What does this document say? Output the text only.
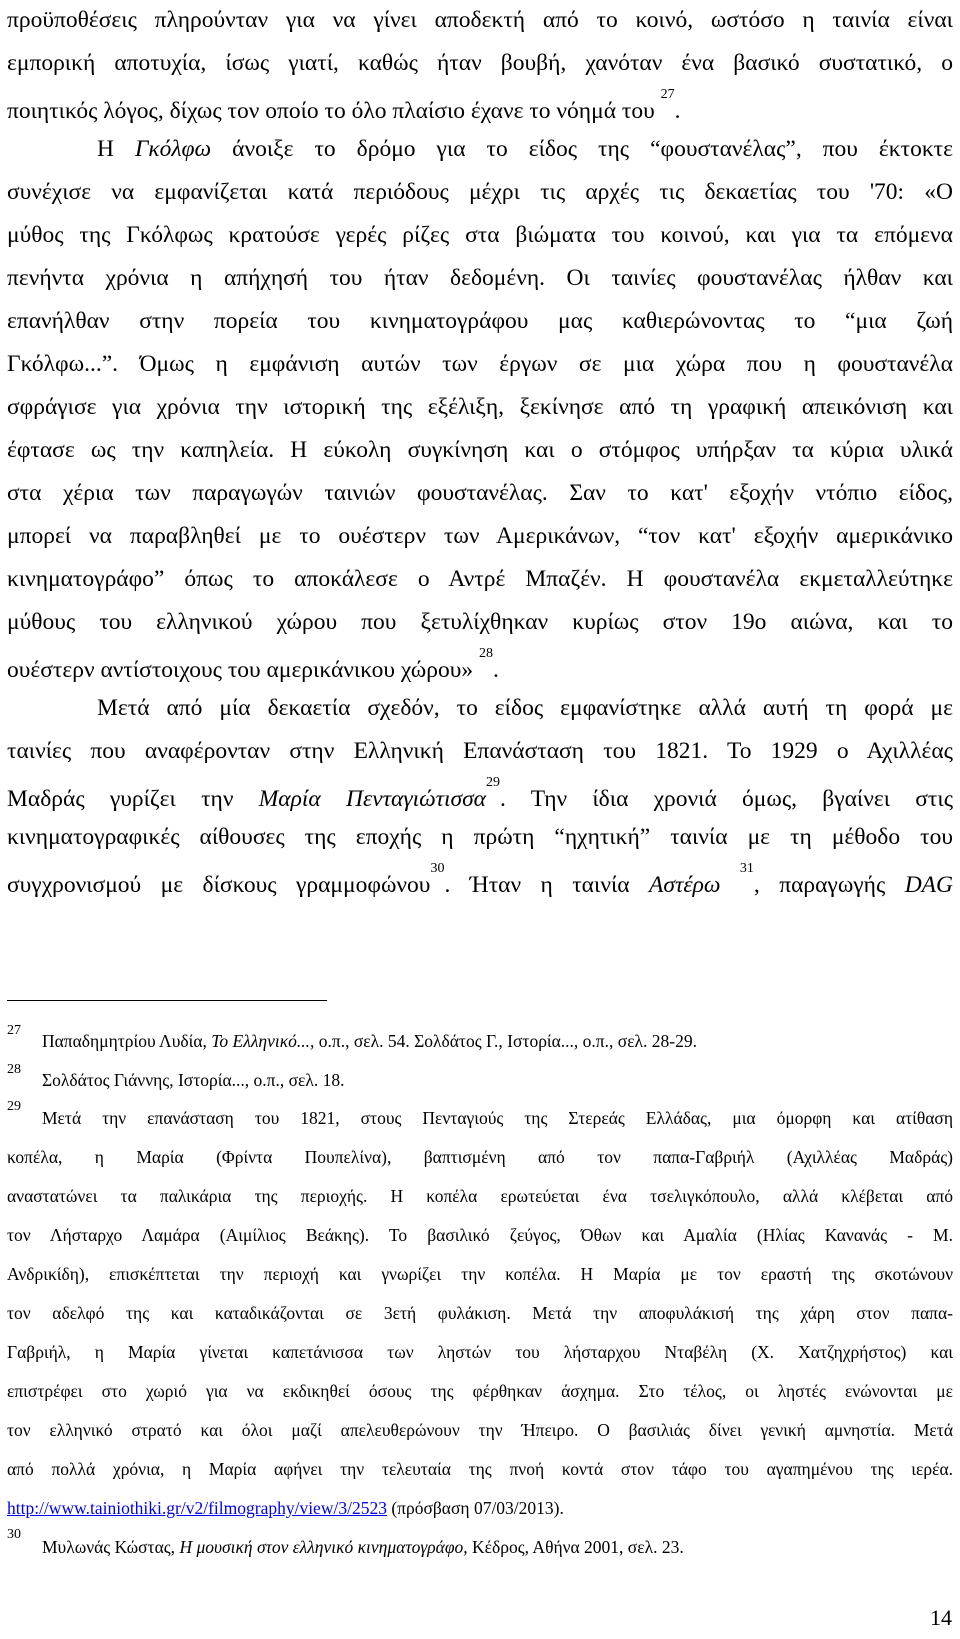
προϋποθέσεις πληρούνταν για να γίνει αποδεκτή από το κοινό, ωστόσο η ταινία είναι
εμπορική αποτυχία, ίσως γιατί, καθώς ήταν βουβή, χανόταν ένα βασικό συστατικό, ο
ποιητικός λόγος, δίχως τον οποίο το όλο πλαίσιο έχανε το νόημά του $^{27}$.
Η Γκόλφω άνοιξε το δρόμο για το είδος της “φουστανέλας”, που έκτοκτε
συνέχισε να εμφανίζεται κατά περιόδους μέχρι τις αρχές τις δεκαετίας του '70: «Ο
μύθος της Γκόλφως κρατούσε γερές ρίζες στα βιώματα του κοινού, και για τα επόμενα
πενήντα χρόνια η απήχησή του ήταν δεδομένη. Οι ταινίες φουστανέλας ήλθαν και
επανήλθαν στην πορεία του κινηματογράφου μας καθιερώνοντας το “μια ζωή
Γκόλφω...”. Όμως η εμφάνιση αυτών των έργων σε μια χώρα που η φουστανέλα
σφράγισε για χρόνια την ιστορική της εξέλιξη, ξεκίνησε από τη γραφική απεικόνιση και
έφτασε ως την καπηλεία. Η εύκολη συγκίνηση και ο στόμφος υπήρξαν τα κύρια υλικά
στα χέρια των παραγωγών ταινιών φουστανέλας. Σαν το κατ' εξοχήν ντόπιο είδος,
μπορεί να παραβληθεί με το ουέστερν των Αμερικάνων, “τον κατ' εξοχήν αμερικάνικο
κινηματογράφο” όπως το αποκάλεσε ο Αντρέ Μπαζέν. Η φουστανέλα εκμεταλλεύτηκε
μύθους του ελληνικού χώρου που ξετυλίχθηκαν κυρίως στον 19ο αιώνα, και το
ουέστερν αντίστοιχους του αμερικάνικου χώρου» $^{28}$.
Μετά από μία δεκαετία σχεδόν, το είδος εμφανίστηκε αλλά αυτή τη φορά με
ταινίες που αναφέρονταν στην Ελληνική Επανάσταση του 1821. Το 1929 ο Αχιλλέας
Μαδράς γυρίζει την Μαρία Πενταγιώτισσα$^{29}$. Την ίδια χρονιά όμως, βγαίνει στις
κινηματογραφικές αίθουσες της εποχής η πρώτη “ηχητική” ταινία με τη μέθοδο του
συγχρονισμού με δίσκους γραμμοφώνου$^{30}$. Ήταν η ταινία Αστέρω $^{31}$, παραγωγής DAG
27
Παπαδημητρίου Λυδία, Το Ελληνικό..., ο.π., σελ. 54. Σολδάτος Γ., Ιστορία..., ο.π., σελ. 28-29.
28
Σολδάτος Γιάννης, Ιστορία..., ο.π., σελ. 18.
29
Μετά την επανάσταση του 1821, στους Πενταγιούς της Στερεάς Ελλάδας, μια όμορφη και ατίθαση
κοπέλα, η Μαρία (Φρίντα Πουπελίνα), βαπτισμένη από τον παπα-Γαβριήλ (Αχιλλέας Μαδράς)
αναστατώνει τα παλικάρια της περιοχής. Η κοπέλα ερωτεύεται ένα τσελιγκόπουλο, αλλά κλέβεται από
τον Λήσταρχο Λαμάρα (Αιμίλιος Βεάκης). Το βασιλικό ζεύγος, Όθων και Αμαλία (Ηλίας Κανανάς - Μ.
Ανδρικίδη), επισκέπτεται την περιοχή και γνωρίζει την κοπέλα. Η Μαρία με τον εραστή της σκοτώνουν
τον αδελφό της και καταδικάζονται σε 3ετή φυλάκιση. Μετά την αποφυλάκισή της χάρη στον παπα-
Γαβριήλ, η Μαρία γίνεται καπετάνισσα των ληστών του λήσταρχου Νταβέλη (Χ. Χατζηχρήστος) και
επιστρέφει στο χωριό για να εκδικηθεί όσους της φέρθηκαν άσχημα. Στο τέλος, οι ληστές ενώνονται με
τον ελληνικό στρατό και όλοι μαζί απελευθερώνουν την Ήπειρο. Ο βασιλιάς δίνει γενική αμνηστία. Μετά
από πολλά χρόνια, η Μαρία αφήνει την τελευταία της πνοή κοντά στον τάφο του αγαπημένου της ιερέα.
http://www.tainiothiki.gr/v2/filmography/view/3/2523 (πρόσβαση 07/03/2013).
30
Μυλωνάς Κώστας, Η μουσική στον ελληνικό κινηματογράφο, Κέδρος, Αθήνα 2001, σελ. 23.
14
